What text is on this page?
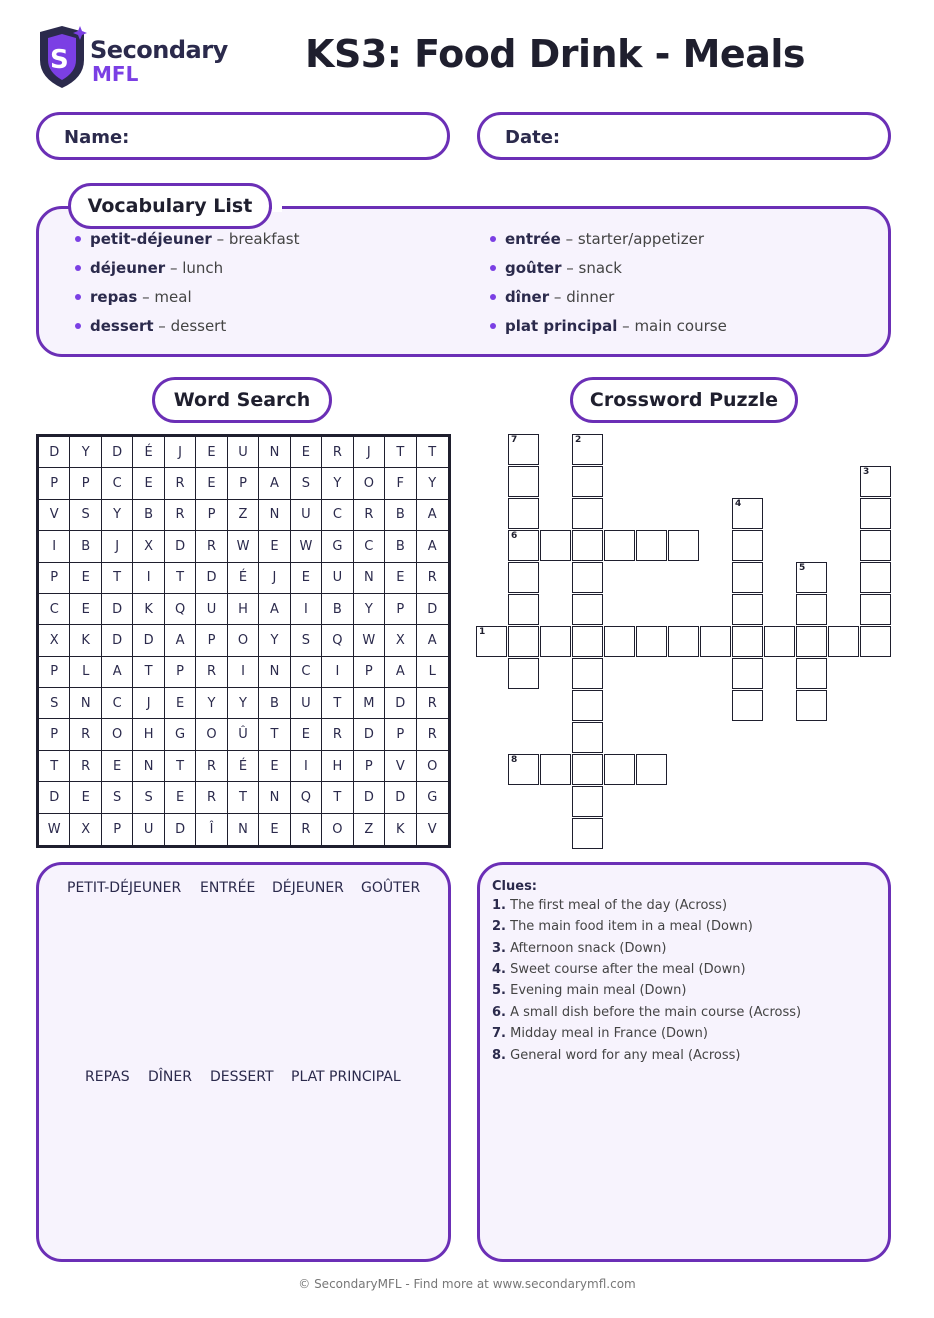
S Secondary
MFL	KS3: Food Drink - Meals
Name:	Date:
petit-déjeuner – breakfast
déjeuner – lunch
repas – meal
dessert – dessert
entrée – starter/appetizer
goûter – snack
dîner – dinner
plat principal – main course
Vocabulary List
Word Search	Crossword Puzzle
D	Y	D	É	J	E	U	N	E	R	J	T	T
P	P	C	E	R	E	P	A	S	Y	O	F	Y
V	S	Y	B	R	P	Z	N	U	C	R	B	A
I	B	J	X	D	R	W	E	W	G	C	B	A
P	E	T	I	T	D	É	J	E	U	N	E	R
C	E	D	K	Q	U	H	A	I	B	Y	P	D
X	K	D	D	A	P	O	Y	S	Q	W	X	A
P	L	A	T	P	R	I	N	C	I	P	A	L
S	N	C	J	E	Y	Y	B	U	T	M	D	R
P	R	O	H	G	O	Û	T	E	R	D	P	R
T	R	E	N	T	R	É	E	I	H	P	V	O
D	E	S	S	E	R	T	N	Q	T	D	D	G
W	X	P	U	D	Î	N	E	R	O	Z	K	V
7
6
2
3
4
5
1
8
PETIT-DÉJEUNER ENTRÉE DÉJEUNER GOÛTER
REPAS DÎNER DESSERT PLAT PRINCIPAL
Clues:
1. The first meal of the day (Across)
2. The main food item in a meal (Down)
3. Afternoon snack (Down)
4. Sweet course after the meal (Down)
5. Evening main meal (Down)
6. A small dish before the main course (Across)
7. Midday meal in France (Down)
8. General word for any meal (Across)
© SecondaryMFL - Find more at www.secondarymfl.com
